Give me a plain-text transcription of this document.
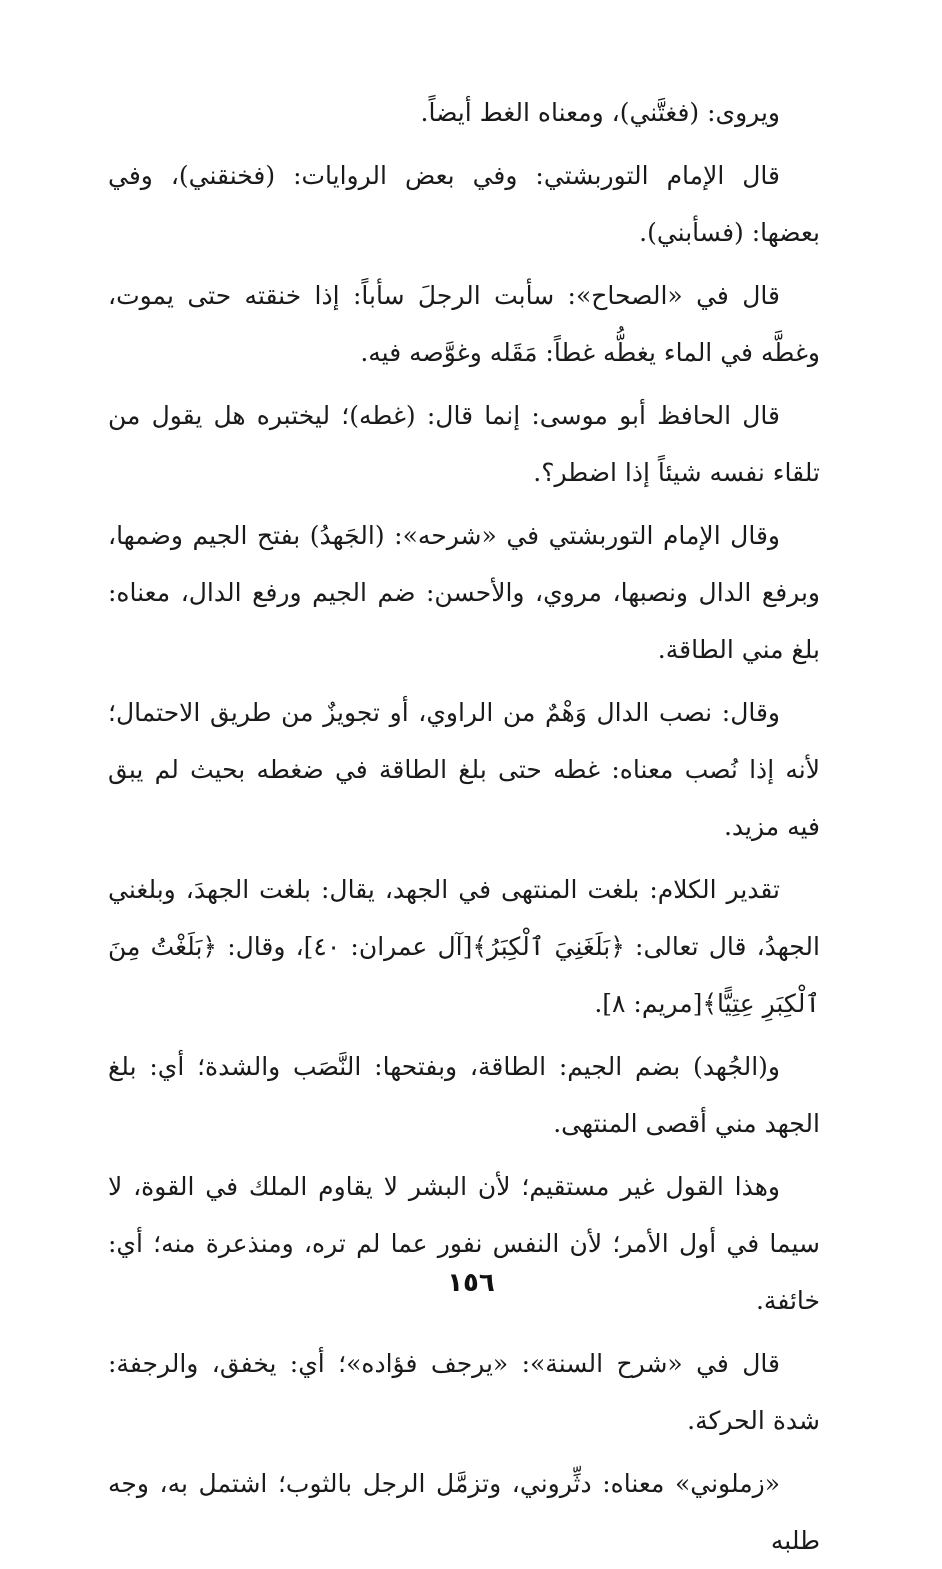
ويروى: (فغتَّني)، ومعناه الغط أيضاً.

قال الإمام التوربشتي: وفي بعض الروايات: (فخنقني)، وفي بعضها: (فسأبني).

قال في «الصحاح»: سأبت الرجلَ سأباً: إذا خنقته حتى يموت، وغطَّه في الماء يغطُّه غطاً: مَقَله وغوَّصه فيه.

قال الحافظ أبو موسى: إنما قال: (غطه)؛ ليختبره هل يقول من تلقاء نفسه شيئاً إذا اضطر؟.

وقال الإمام التوربشتي في «شرحه»: (الجَهدُ) بفتح الجيم وضمها، وبرفع الدال ونصبها، مروي، والأحسن: ضم الجيم ورفع الدال، معناه: بلغ مني الطاقة.

وقال: نصب الدال وَهْمٌ من الراوي، أو تجويزٌ من طريق الاحتمال؛ لأنه إذا نُصب معناه: غطه حتى بلغ الطاقة في ضغطه بحيث لم يبق فيه مزيد.

تقدير الكلام: بلغت المنتهى في الجهد، يقال: بلغت الجهدَ، وبلغني الجهدُ، قال تعالى: ﴿بَلَغَنِيَ ٱلْكِبَرُ﴾[آل عمران: ٤٠]، وقال: ﴿بَلَغْتُ مِنَ ٱلْكِبَرِ عِتِيًّا﴾[مريم: ٨].

و(الجُهد) بضم الجيم: الطاقة، وبفتحها: النَّصَب والشدة؛ أي: بلغ الجهد مني أقصى المنتهى.

وهذا القول غير مستقيم؛ لأن البشر لا يقاوم الملك في القوة، لا سيما في أول الأمر؛ لأن النفس نفور عما لم تره، ومنذعرة منه؛ أي: خائفة.

قال في «شرح السنة»: «يرجف فؤاده»؛ أي: يخفق، والرجفة: شدة الحركة.

«زملوني» معناه: دثِّروني، وتزمَّل الرجل بالثوب؛ اشتمل به، وجه طلبه

١٥٦
